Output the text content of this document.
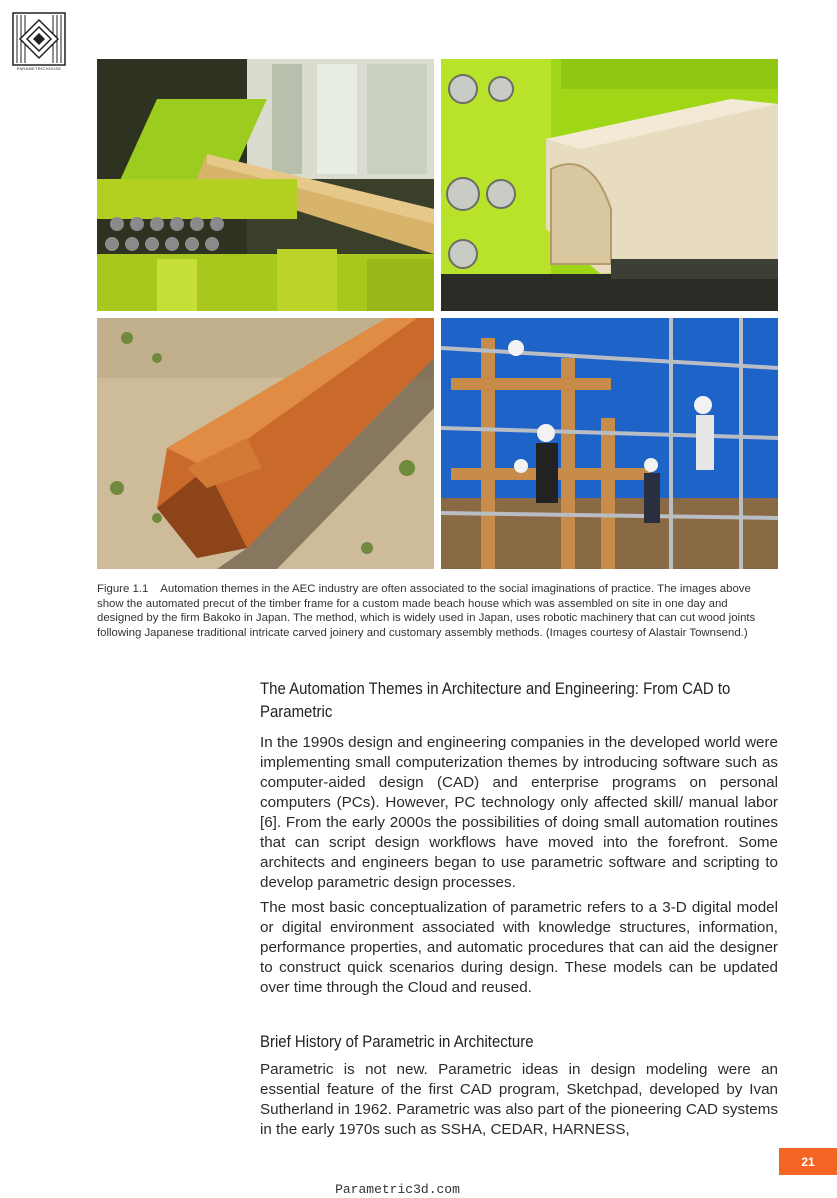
PARAMETRICHOUSE
Figure 1.1 Automation themes in the AEC industry are often associated to the social imaginations of practice. The images above show the automated precut of the timber frame for a custom made beach house which was assembled on site in one day and designed by the firm Bakoko in Japan. The method, which is widely used in Japan, uses robotic machinery that can cut wood joints following Japanese traditional intricate carved joinery and customary assembly methods. (Images courtesy of Alastair Townsend.)
The Automation Themes in Architecture and Engineering: From CAD to Parametric

In the 1990s design and engineering companies in the developed world were implementing small computerization themes by introducing software such as computer-aided design (CAD) and enterprise programs on personal computers (PCs). However, PC technology only affected skill/ manual labor [6]. From the early 2000s the possibilities of doing small automation routines that can script design workflows have moved into the forefront. Some architects and engineers began to use parametric software and scripting to develop parametric design processes.

The most basic conceptualization of parametric refers to a 3-D digital model or digital environment associated with knowledge structures, information, performance properties, and automatic procedures that can aid the designer to construct quick scenarios during design. These models can be updated over time through the Cloud and reused.

Brief History of Parametric in Architecture

Parametric is not new. Parametric ideas in design modeling were an essential feature of the first CAD program, Sketchpad, developed by Ivan Sutherland in 1962. Parametric was also part of the pioneering CAD systems in the early 1970s such as SSHA, CEDAR, HARNESS,

21
Parametric3d.com
